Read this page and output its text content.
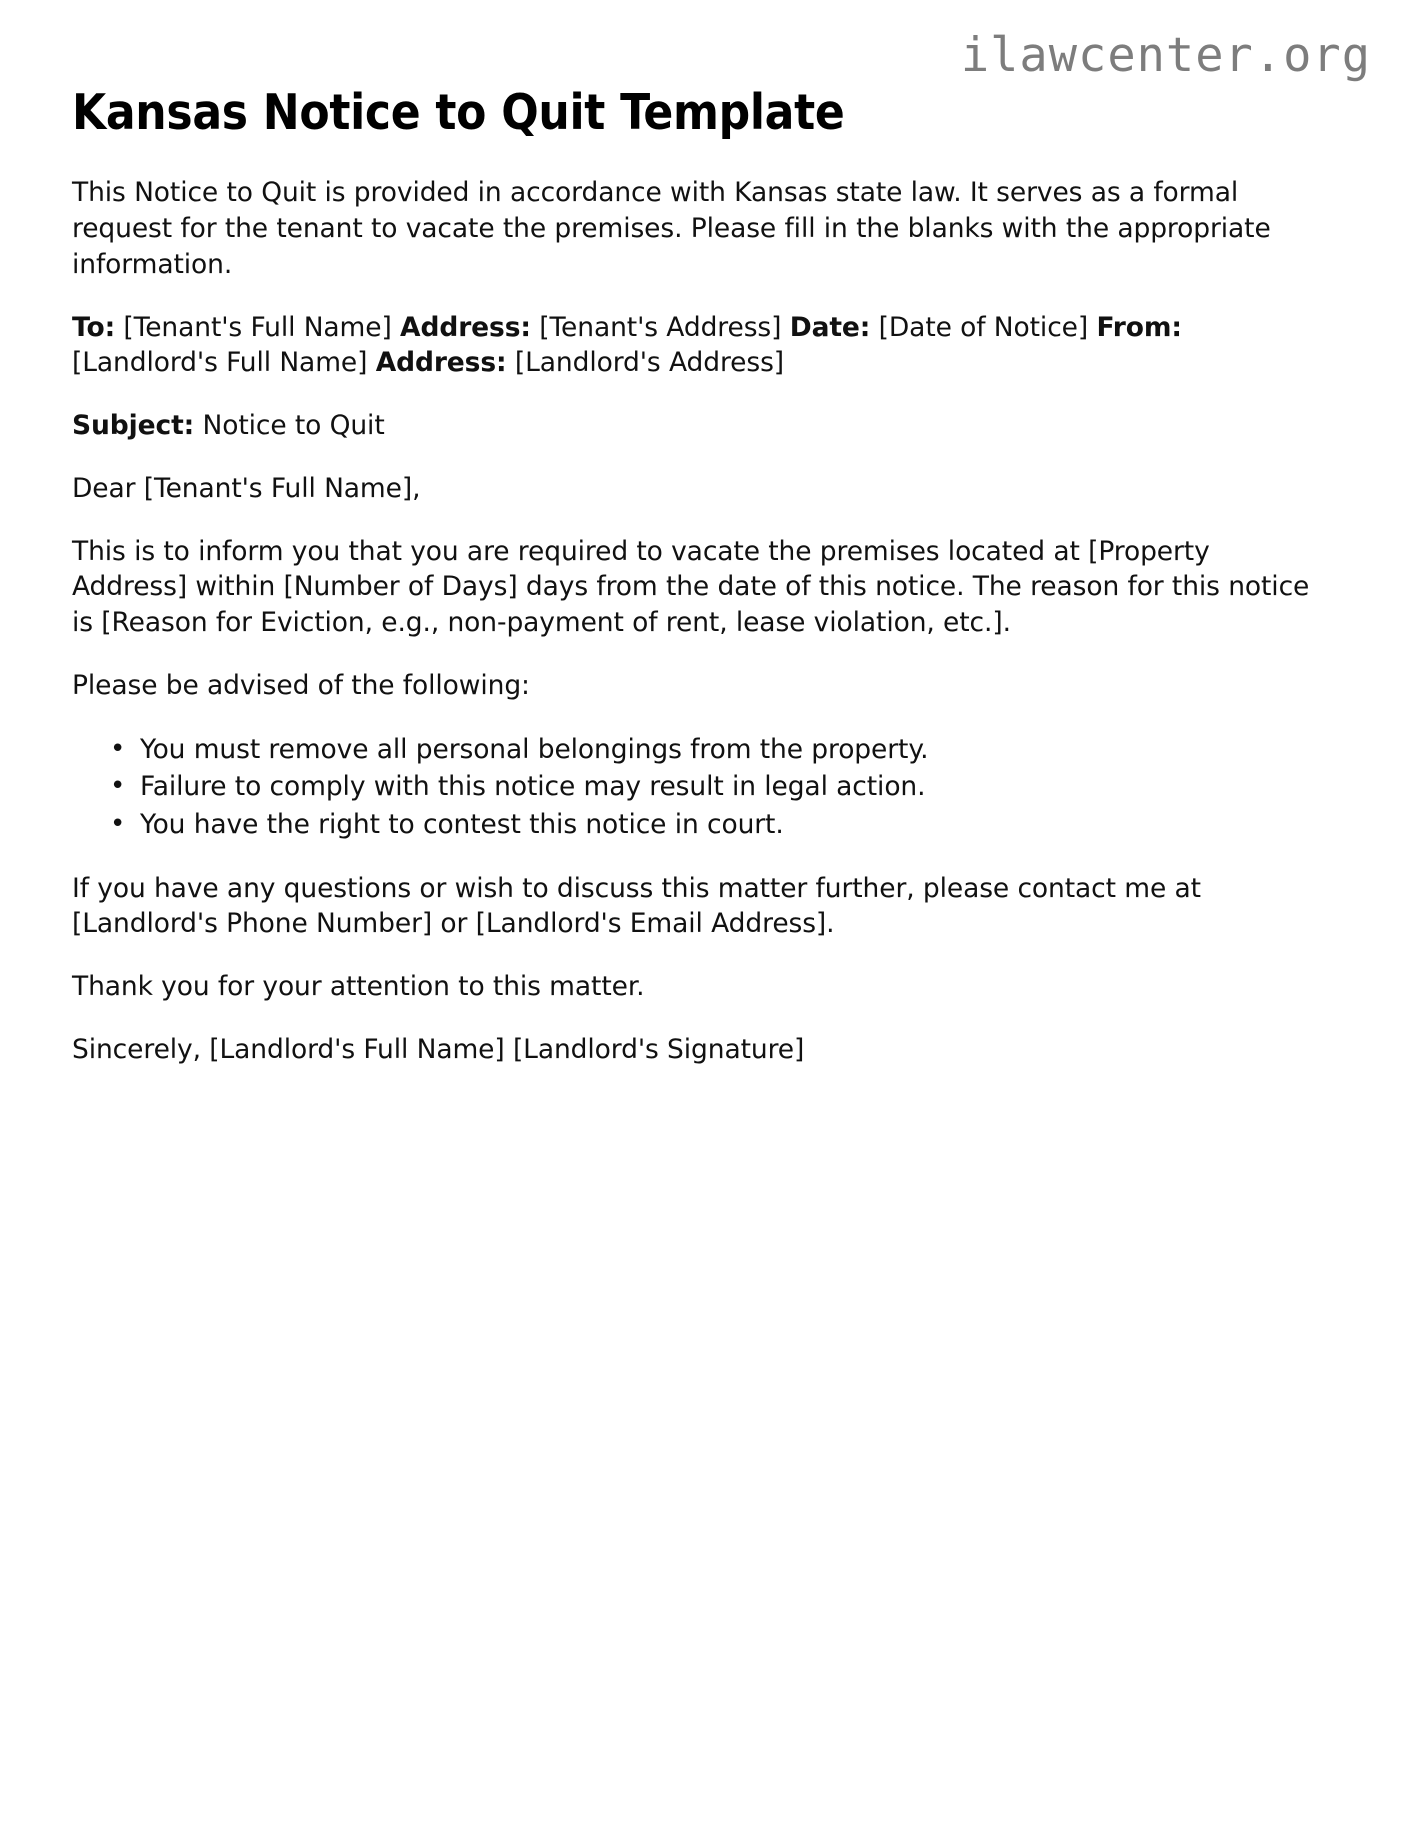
ilawcenter.org
Kansas Notice to Quit Template

This Notice to Quit is provided in accordance with Kansas state law. It serves as a formal request for the tenant to vacate the premises. Please fill in the blanks with the appropriate information.

To: [Tenant's Full Name] Address: [Tenant's Address] Date: [Date of Notice] From: [Landlord's Full Name] Address: [Landlord's Address]

Subject: Notice to Quit

Dear [Tenant's Full Name],

This is to inform you that you are required to vacate the premises located at [Property Address] within [Number of Days] days from the date of this notice. The reason for this notice is [Reason for Eviction, e.g., non-payment of rent, lease violation, etc.].

Please be advised of the following:

• You must remove all personal belongings from the property.
• Failure to comply with this notice may result in legal action.
• You have the right to contest this notice in court.

If you have any questions or wish to discuss this matter further, please contact me at [Landlord's Phone Number] or [Landlord's Email Address].

Thank you for your attention to this matter.

Sincerely, [Landlord's Full Name] [Landlord's Signature]
